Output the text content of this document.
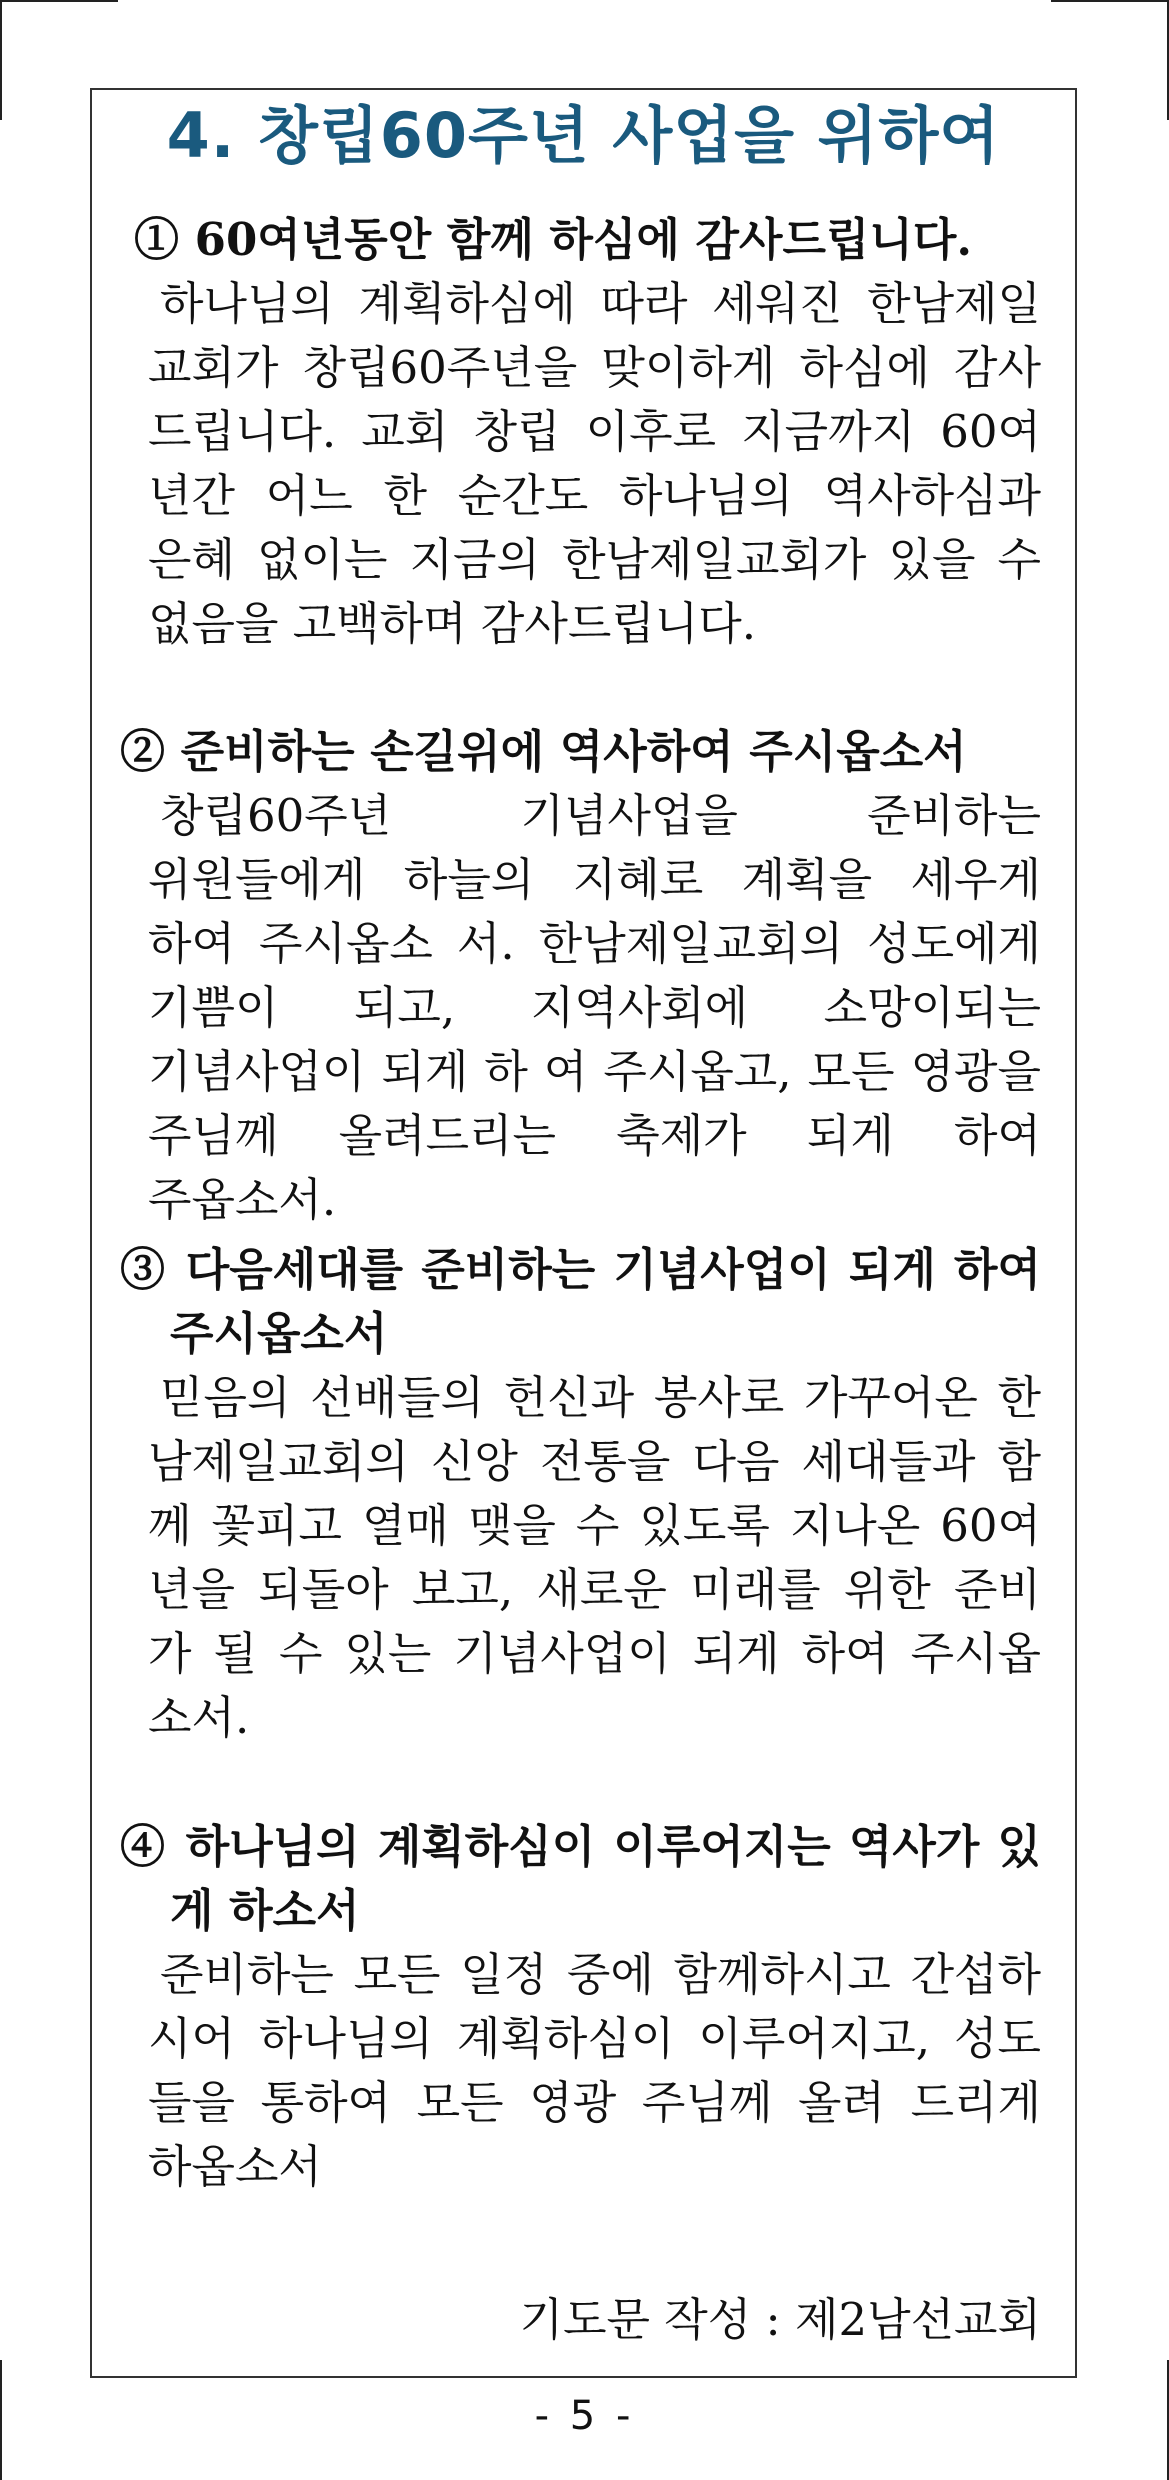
4. 창립60주년 사업을 위하여
① 60여년동안 함께 하심에 감사드립니다.
하나님의 계획하심에 따라 세워진 한남제일 교회가 창립60주년을 맞이하게 하심에 감사 드립니다. 교회 창립 이후로 지금까지 60여 년간 어느 한 순간도 하나님의 역사하심과 은혜 없이는 지금의 한남제일교회가 있을 수 없음을 고백하며 감사드립니다.
② 준비하는 손길위에 역사하여 주시옵소서
창립60주년 기념사업을 준비하는 위원들에게 하늘의 지혜로 계획을 세우게 하여 주시옵소 서. 한남제일교회의 성도에게 기쁨이 되고, 지역사회에 소망이되는 기념사업이 되게 하 여 주시옵고, 모든 영광을 주님께 올려드리는 축제가 되게 하여 주옵소서.
③ 다음세대를 준비하는 기념사업이 되게 하여 주시옵소서
믿음의 선배들의 헌신과 봉사로 가꾸어온 한 남제일교회의 신앙 전통을 다음 세대들과 함 께 꽃피고 열매 맺을 수 있도록 지나온 60여 년을 되돌아 보고, 새로운 미래를 위한 준비 가 될 수 있는 기념사업이 되게 하여 주시옵 소서.
④ 하나님의 계획하심이 이루어지는 역사가 있게 하소서
준비하는 모든 일정 중에 함께하시고 간섭하 시어 하나님의 계획하심이 이루어지고, 성도 들을 통하여 모든 영광 주님께 올려 드리게 하옵소서
기도문 작성 : 제2남선교회
- 5 -
